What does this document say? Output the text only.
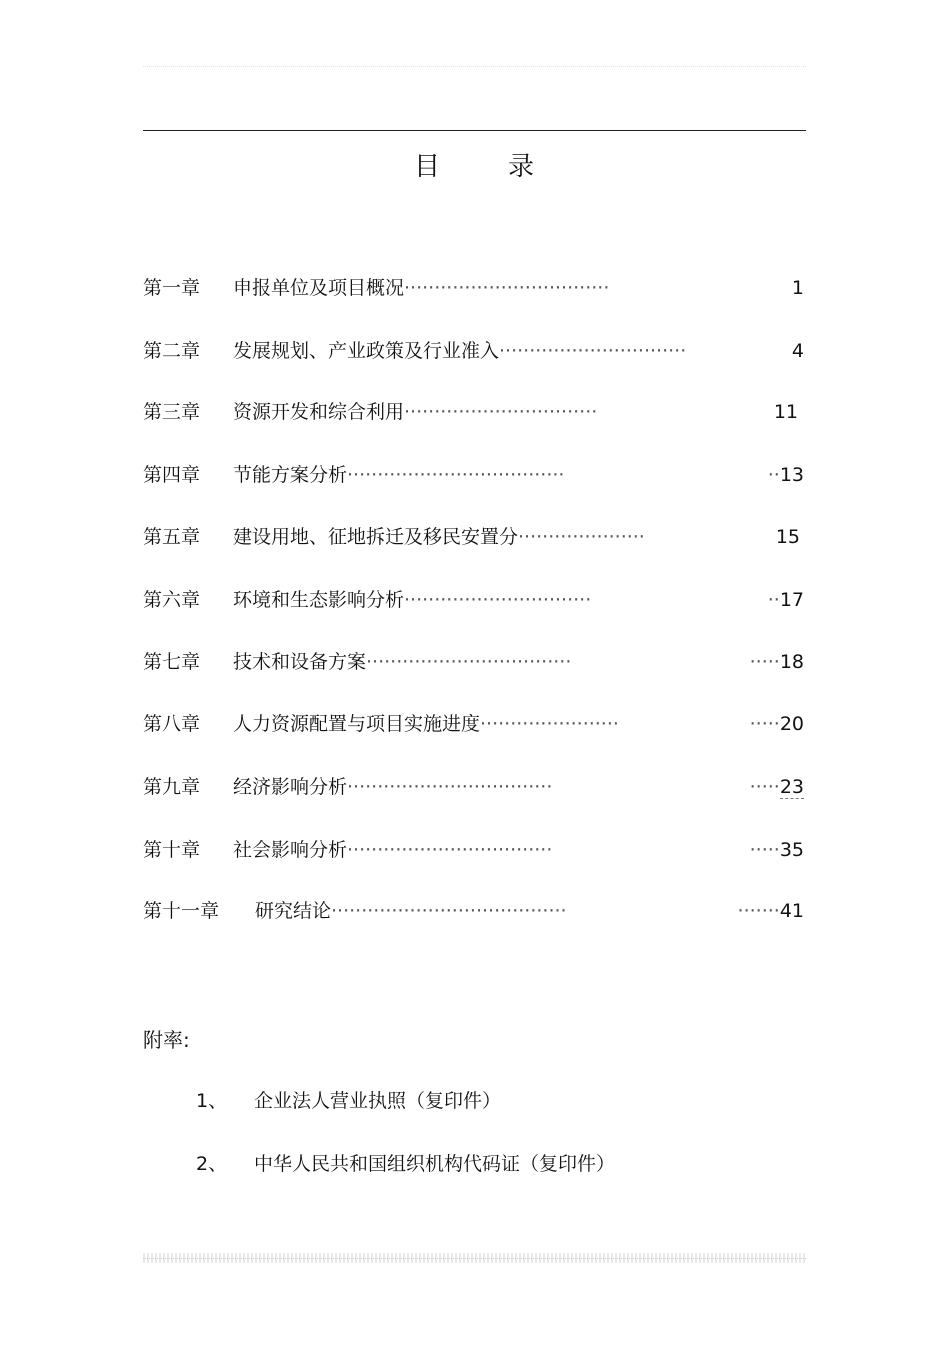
目	录
第一章 申报单位及项目概况··································	1
第二章 发展规划、产业政策及行业准入·······························	4
第三章 资源开发和综合利用································	11
第四章 节能方案分析····································	··13
第五章 建设用地、征地拆迁及移民安置分·····················	15
第六章 环境和生态影响分析·······························	··17
第七章 技术和设备方案··································	·····18
第八章 人力资源配置与项目实施进度·······················	·····20
第九章 经济影响分析··································	·····23
第十章 社会影响分析··································	·····35
第十一章 研究结论·······································	·······41
附率:
1、 企业法人营业执照（复印件）
2、 中华人民共和国组织机构代码证（复印件）
